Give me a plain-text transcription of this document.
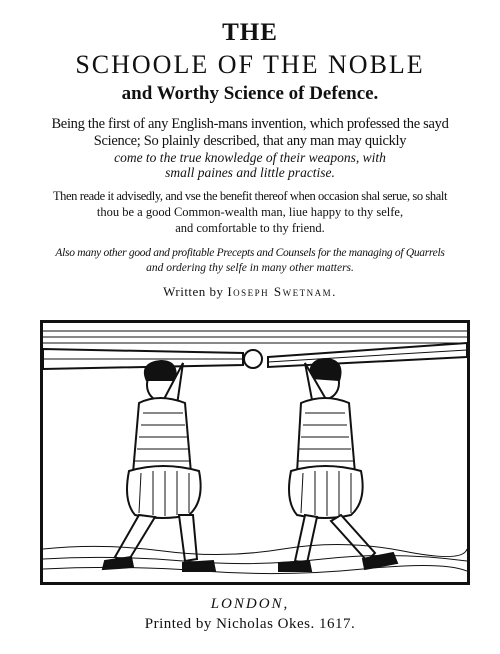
THE
SCHOOLE OF THE NOBLE
and Worthy Science of Defence.
Being the first of any English-mans invention, which professed the sayd
Science; So plainly described, that any man may quickly
come to the true knowledge of their weapons, with
small paines and little practise.
Then reade it advisedly, and vse the benefit thereof when occasion shal serue, so shalt
thou be a good Common-wealth man, liue happy to thy selfe,
and comfortable to thy friend.
Also many other good and profitable Precepts and Counsels for the managing of Quarrels
and ordering thy selfe in many other matters.
Written by Ioseph Swetnam.
LONDON,
Printed by Nicholas Okes. 1617.
